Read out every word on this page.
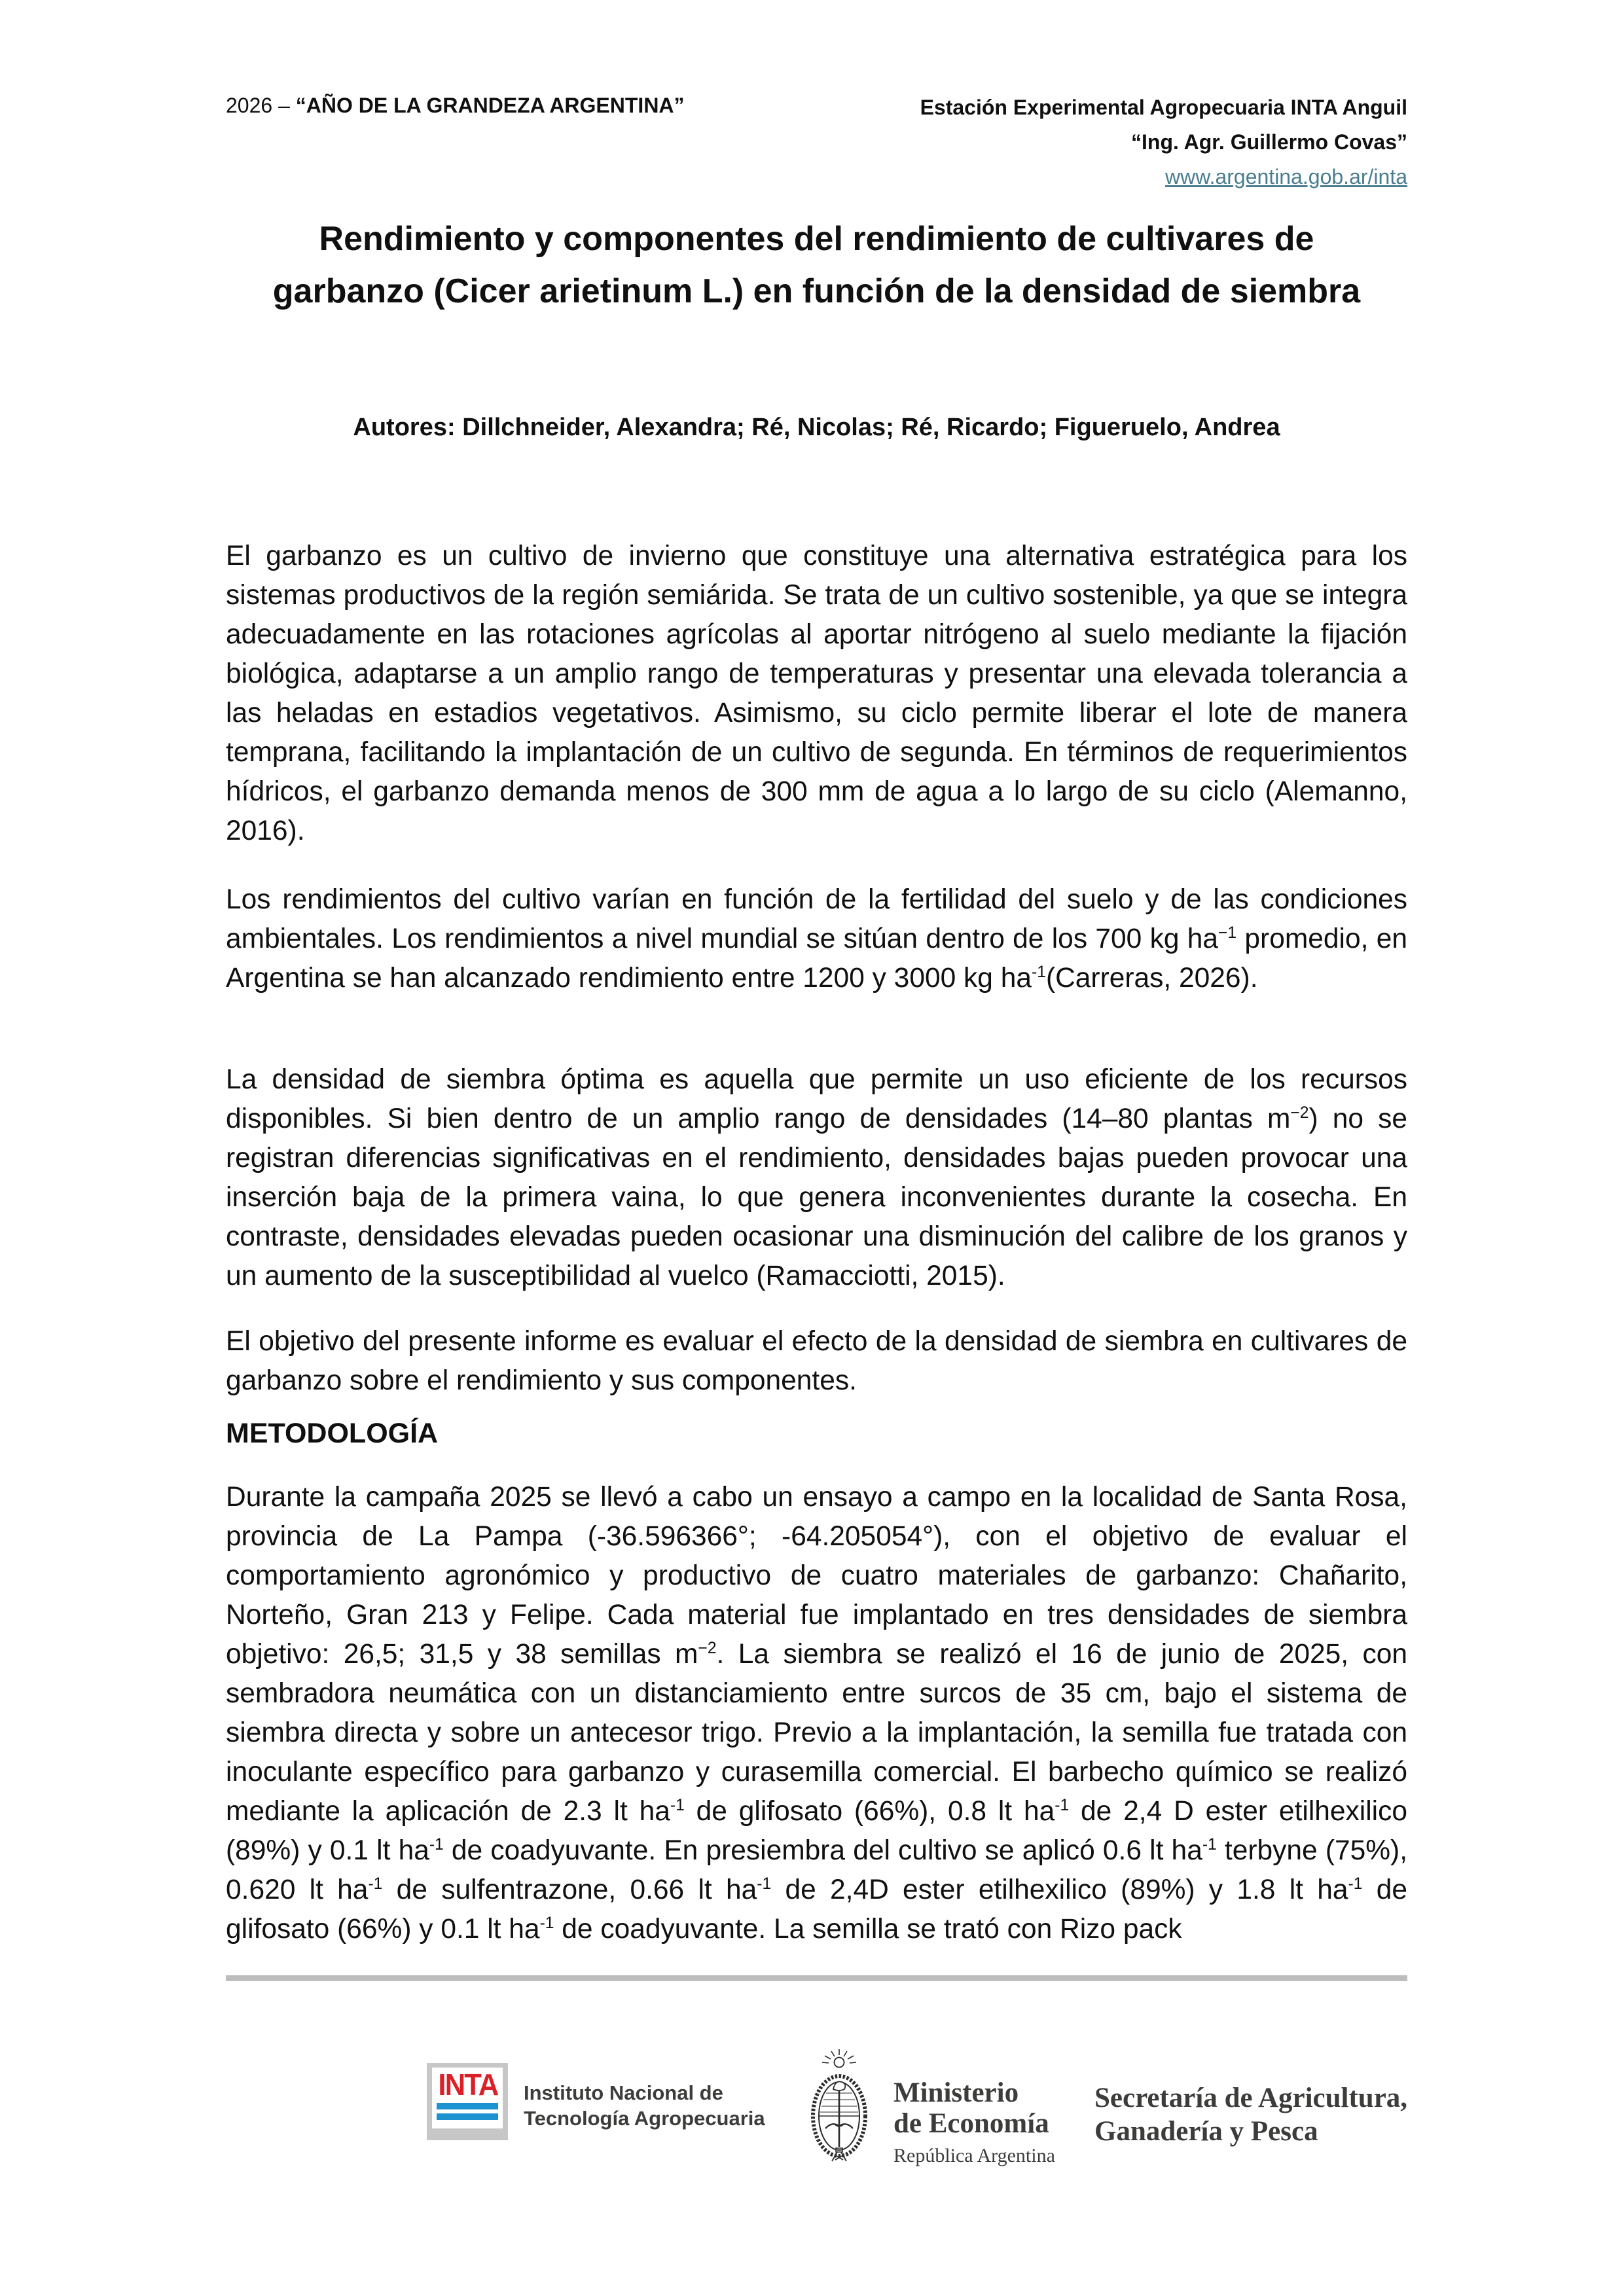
2026 – “AÑO DE LA GRANDEZA ARGENTINA”	Estación Experimental Agropecuaria INTA Anguil
“Ing. Agr. Guillermo Covas”
www.argentina.gob.ar/inta
Rendimiento y componentes del rendimiento de cultivares de
garbanzo (Cicer arietinum L.) en función de la densidad de siembra
Autores: Dillchneider, Alexandra; Ré, Nicolas; Ré, Ricardo; Figueruelo, Andrea

El garbanzo es un cultivo de invierno que constituye una alternativa estratégica para los sistemas productivos de la región semiárida. Se trata de un cultivo sostenible, ya que se integra adecuadamente en las rotaciones agrícolas al aportar nitrógeno al suelo mediante la fijación biológica, adaptarse a un amplio rango de temperaturas y presentar una elevada tolerancia a las heladas en estadios vegetativos. Asimismo, su ciclo permite liberar el lote de manera temprana, facilitando la implantación de un cultivo de segunda. En términos de requerimientos hídricos, el garbanzo demanda menos de 300 mm de agua a lo largo de su ciclo (Alemanno, 2016).

Los rendimientos del cultivo varían en función de la fertilidad del suelo y de las condiciones ambientales. Los rendimientos a nivel mundial se sitúan dentro de los 700 kg $ha^{-1}$ promedio, en Argentina se han alcanzado rendimiento entre 1200 y 3000 kg $ha^{-1}(Carreras$, 2026).

La densidad de siembra óptima es aquella que permite un uso eficiente de los recursos disponibles. Si bien dentro de un amplio rango de densidades (14–80 plantas $m^{-2}$) no se registran diferencias significativas en el rendimiento, densidades bajas pueden provocar una inserción baja de la primera vaina, lo que genera inconvenientes durante la cosecha. En contraste, densidades elevadas pueden ocasionar una disminución del calibre de los granos y un aumento de la susceptibilidad al vuelco (Ramacciotti, 2015).

El objetivo del presente informe es evaluar el efecto de la densidad de siembra en cultivares de garbanzo sobre el rendimiento y sus componentes.

METODOLOGÍA

Durante la campaña 2025 se llevó a cabo un ensayo a campo en la localidad de Santa Rosa, provincia de La Pampa (-36.596366°; -64.205054°), con el objetivo de evaluar el comportamiento agronómico y productivo de cuatro materiales de garbanzo: Chañarito, Norteño, Gran 213 y Felipe. Cada material fue implantado en tres densidades de siembra objetivo: 26,5; 31,5 y 38 semillas $m^{-2}$. La siembra se realizó el 16 de junio de 2025, con sembradora neumática con un distanciamiento entre surcos de 35 cm, bajo el sistema de siembra directa y sobre un antecesor trigo. Previo a la implantación, la semilla fue tratada con inoculante específico para garbanzo y curasemilla comercial. El barbecho químico se realizó mediante la aplicación de 2.3 lt $ha^{-1}$ de glifosato (66%), 0.8 lt $ha^{-1}$ de 2,4 D ester etilhexilico (89%) y 0.1 lt $ha^{-1}$ de coadyuvante. En presiembra del cultivo se aplicó 0.6 lt $ha^{-1}$ terbyne (75%), 0.620 lt $ha^{-1}$ de sulfentrazone, 0.66 lt $ha^{-1}$ de 2,4D ester etilhexilico (89%) y 1.8 lt $ha^{-1}$ de glifosato (66%) y 0.1 lt $ha^{-1}$ de coadyuvante. La semilla se trató con Rizo pack

INTA Instituto Nacional de
Tecnología Agropecuaria
Ministerio
de Economía
República Argentina
Secretaría de Agricultura,
Ganadería y Pesca
